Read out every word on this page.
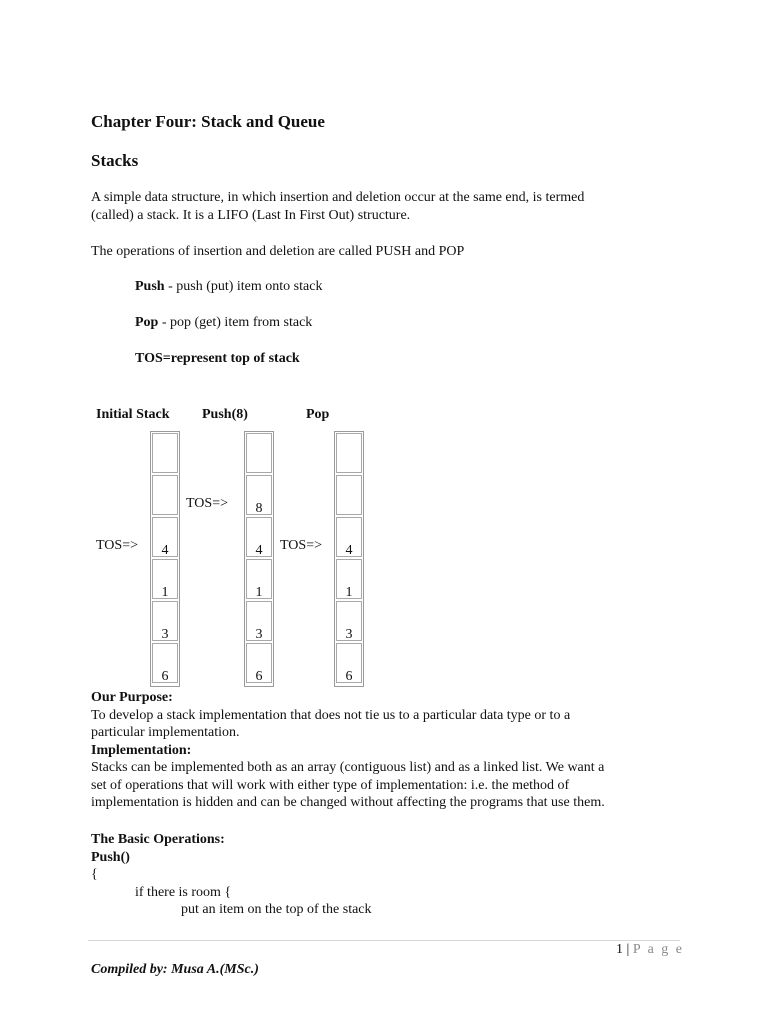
Chapter Four: Stack and Queue
Stacks
A simple data structure, in which insertion and deletion occur at the same end, is termed
(called) a stack. It is a LIFO (Last In First Out) structure.
The operations of insertion and deletion are called PUSH and POP
Push - push (put) item onto stack
Pop - pop (get) item from stack
TOS=represent top of stack
Initial Stack Push(8)	Pop
TOS=>
TOS=>
TOS=>
4
1
3
6
8
4
1
3
6
4
1
3
6
Our Purpose:
To develop a stack implementation that does not tie us to a particular data type or to a
particular implementation.
Implementation:
Stacks can be implemented both as an array (contiguous list) and as a linked list. We want a
set of operations that will work with either type of implementation: i.e. the method of
implementation is hidden and can be changed without affecting the programs that use them.
The Basic Operations:
Push()
{
if there is room {
put an item on the top of the stack
1 | P a g e
Compiled by: Musa A.(MSc.)
